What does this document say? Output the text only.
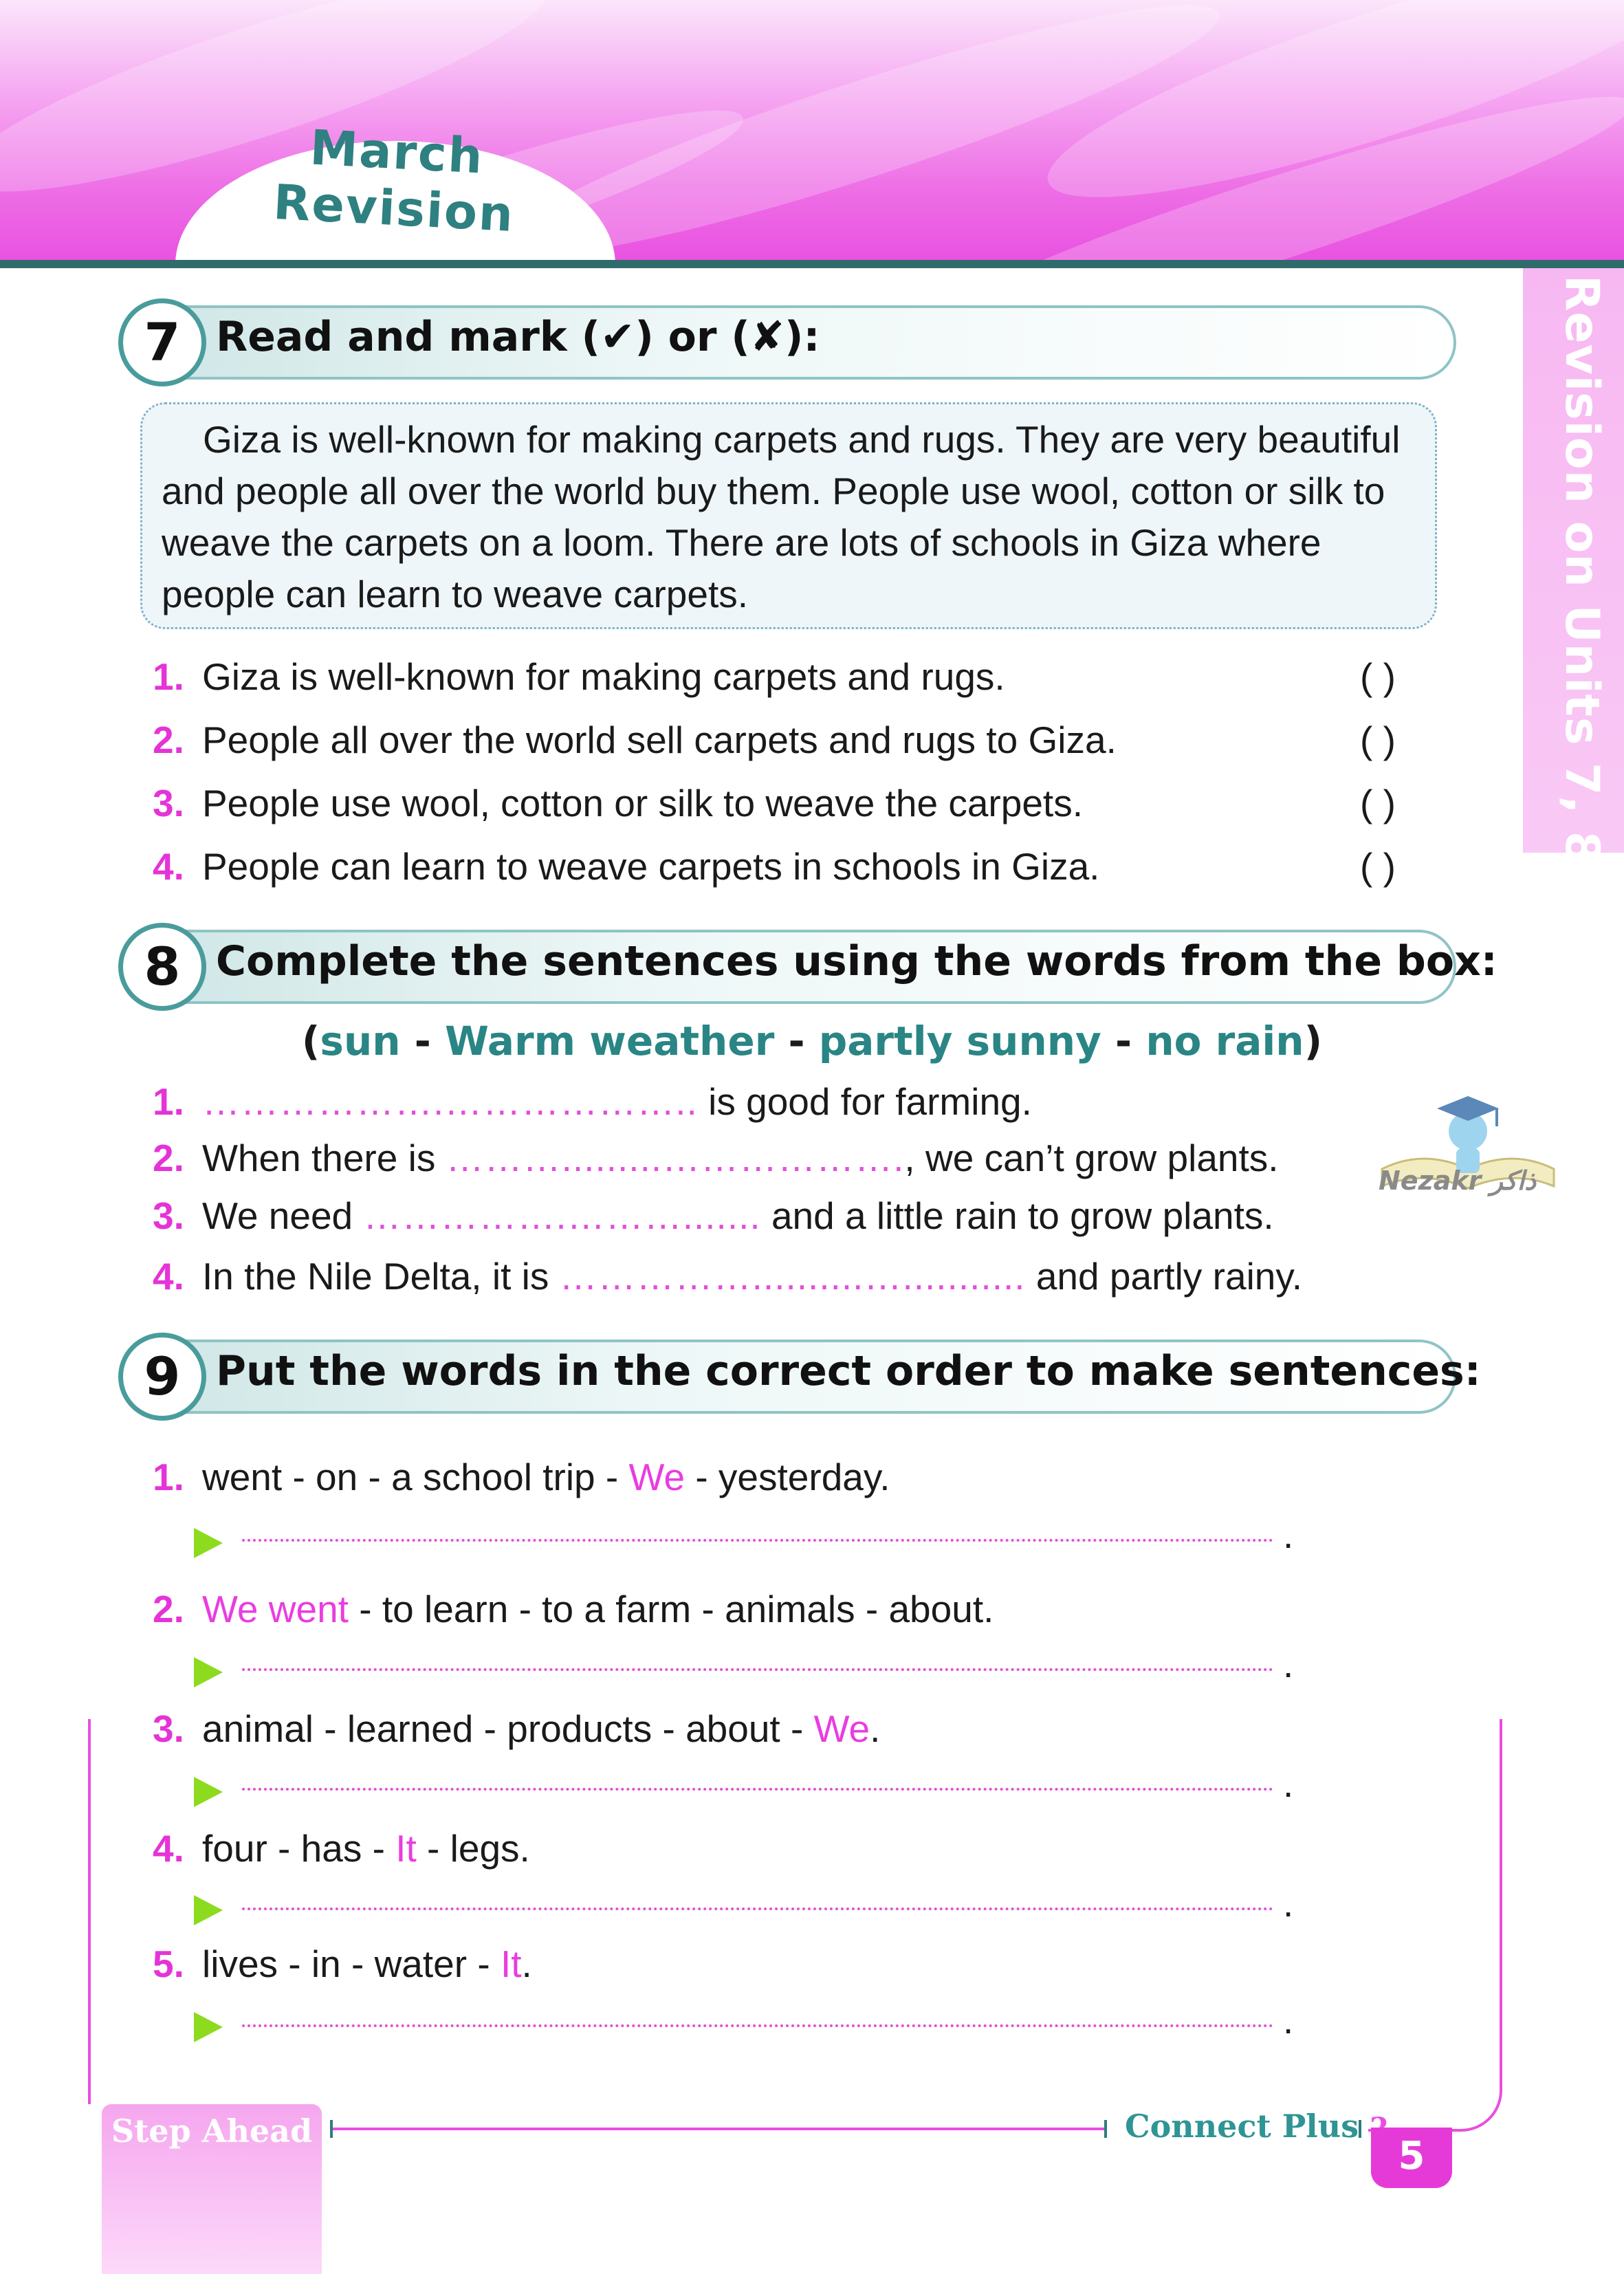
March Revision
Revision on Units 7, 8, 9
7 Read and mark (✔) or (✘):
Giza is well-known for making carpets and rugs. They are very beautiful and people all over the world buy them. People use wool, cotton or silk to weave the carpets on a loom. There are lots of schools in Giza where people can learn to weave carpets.
1. Giza is well-known for making carpets and rugs.	( )
2. People all over the world sell carpets and rugs to Giza.	( )
3. People use wool, cotton or silk to weave the carpets.	( )
4. People can learn to weave carpets in schools in Giza.	( )
8 Complete the sentences using the words from the box:
(sun - Warm weather - partly sunny - no rain)
1. ……………….……………….. is good for farming.
2. When there is ……….........………………., we can’t grow plants.
3. We need …………….………....... and a little rain to grow plants.
4. In the Nile Delta, it is ……………..........…........... and partly rainy.
Nezakr ذاكر
9 Put the words in the correct order to make sentences:
1. went - on - a school trip - We - yesterday.
.
2. We went - to learn - to a farm - animals - about.
.
3. animal - learned - products - about - We.
.
4. four - has - It - legs.
.
5. lives - in - water - It.
.
Step Ahead	Connect Plus
5
